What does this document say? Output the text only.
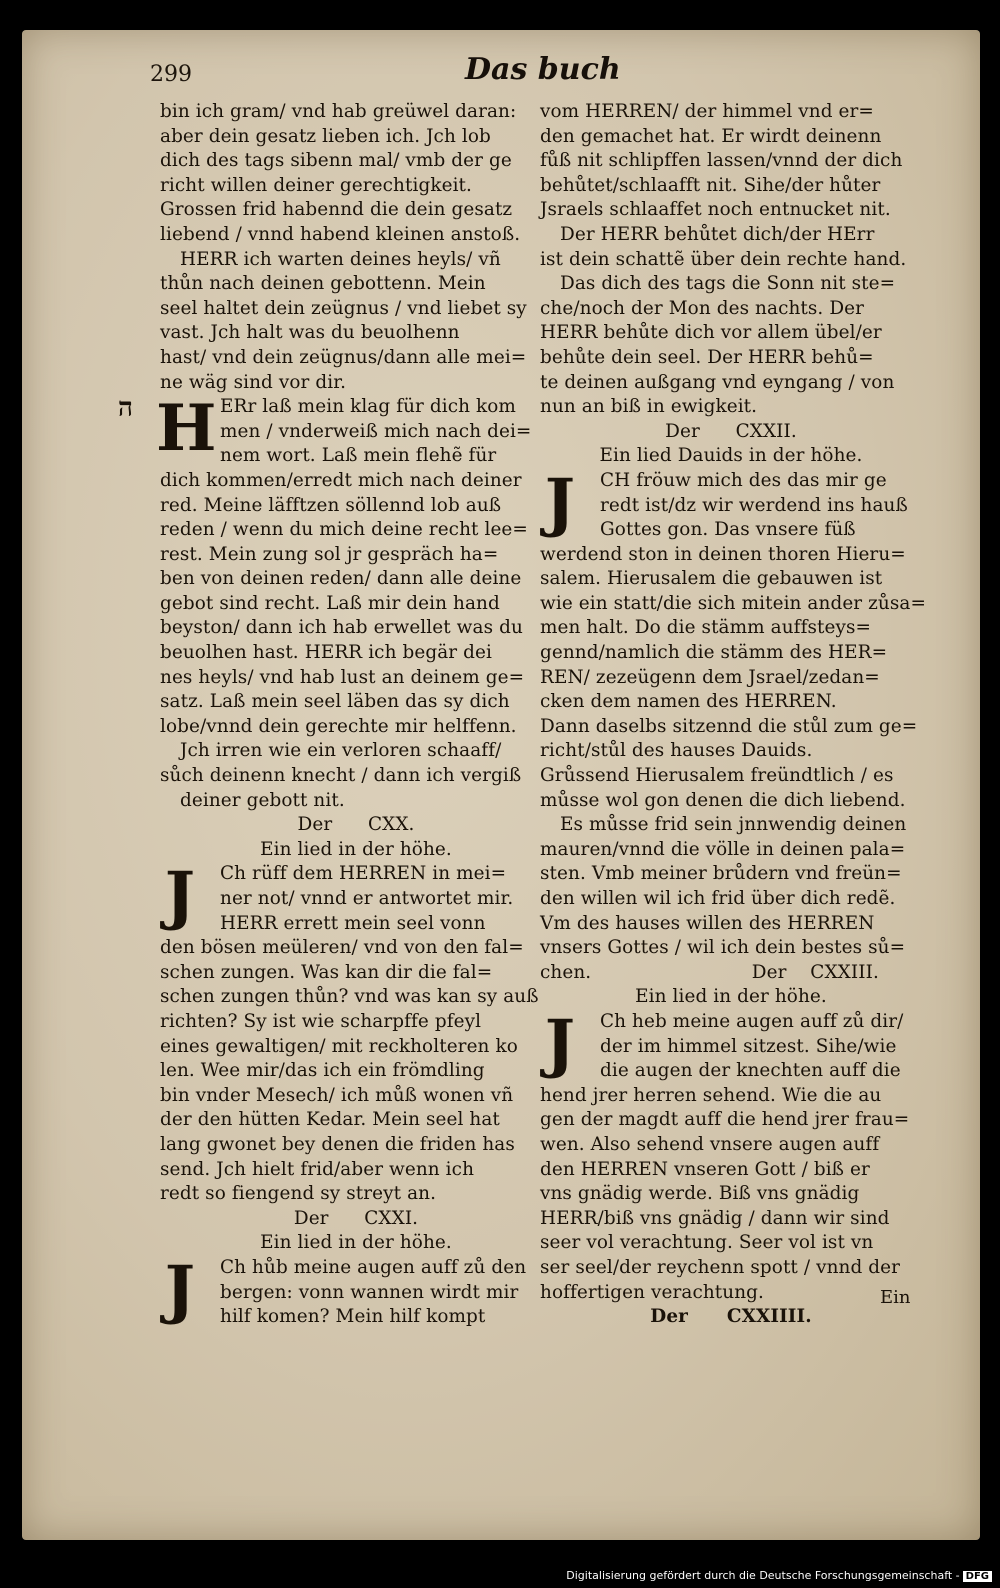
299	Das buch
ה
bin ich gram/ vnd hab greüwel daran:
aber dein gesatz lieben ich. Jch lob
dich des tags sibenn mal/ vmb der ge
richt willen deiner gerechtigkeit.
Grossen frid habennd die dein gesatz
liebend / vnnd habend kleinen anstoß.
HERR ich warten deines heyls/ vñ
thůn nach deinen gebottenn. Mein
seel haltet dein zeügnus / vnd liebet sy
vast. Jch halt was du beuolhenn
hast/ vnd dein zeügnus/dann alle mei=
ne wäg sind vor dir.
H ERr laß mein klag für dich kom
men / vnderweiß mich nach dei=
nem wort. Laß mein flehẽ für
dich kommen/erredt mich nach deiner
red. Meine läfftzen söllennd lob auß
reden / wenn du mich deine recht lee=
rest. Mein zung sol jr gespräch ha=
ben von deinen reden/ dann alle deine
gebot sind recht. Laß mir dein hand
beyston/ dann ich hab erwellet was du
beuolhen hast. HERR ich begär dei
nes heyls/ vnd hab lust an deinem ge=
satz. Laß mein seel läben das sy dich
lobe/vnnd dein gerechte mir helffenn.
Jch irren wie ein verloren schaaff/
sůch deinenn knecht / dann ich vergiß
deiner gebott nit.
Der CXX.
Ein lied in der höhe.
J	Ch rüff dem HERREN in mei=
ner not/ vnnd er antwortet mir.
HERR errett mein seel vonn
den bösen meüleren/ vnd von den fal=
schen zungen. Was kan dir die fal=
schen zungen thůn? vnd was kan sy auß
richten? Sy ist wie scharpffe pfeyl
eines gewaltigen/ mit reckholteren ko
len. Wee mir/das ich ein frömdling
bin vnder Mesech/ ich můß wonen vñ
der den hütten Kedar. Mein seel hat
lang gwonet bey denen die friden has
send. Jch hielt frid/aber wenn ich
redt so fiengend sy streyt an.
Der CXXI.
Ein lied in der höhe.
J	Ch hůb meine augen auff zů den
bergen: vonn wannen wirdt mir
hilf komen? Mein hilf kompt
vom HERREN/ der himmel vnd er=
den gemachet hat. Er wirdt deinenn
fůß nit schlipffen lassen/vnnd der dich
behůtet/schlaafft nit. Sihe/der hůter
Jsraels schlaaffet noch entnucket nit.
Der HERR behůtet dich/der HErr
ist dein schattẽ über dein rechte hand.
Das dich des tags die Sonn nit ste=
che/noch der Mon des nachts. Der
HERR behůte dich vor allem übel/er
behůte dein seel. Der HERR behů=
te deinen außgang vnd eyngang / von
nun an biß in ewigkeit.
Der CXXII.
Ein lied Dauids in der höhe.
J	CH fröuw mich des das mir ge
redt ist/dz wir werdend ins hauß
Gottes gon. Das vnsere füß
werdend ston in deinen thoren Hieru=
salem. Hierusalem die gebauwen ist
wie ein statt/die sich mitein ander zůsa=
men halt. Do die stämm auffsteys=
gennd/namlich die stämm des HER=
REN/ zezeügenn dem Jsrael/zedan=
cken dem namen des HERREN.
Dann daselbs sitzennd die stůl zum ge=
richt/stůl des hauses Dauids.
Grůssend Hierusalem freündtlich / es
můsse wol gon denen die dich liebend.
Es můsse frid sein jnnwendig deinen
mauren/vnnd die völle in deinen pala=
sten. Vmb meiner brůdern vnd freün=
den willen wil ich frid über dich redẽ.
Vm des hauses willen des HERREN
vnsers Gottes / wil ich dein bestes sů=
chen.	Der CXXIII.
Ein lied in der höhe.
J	Ch heb meine augen auff zů dir/
der im himmel sitzest. Sihe/wie
die augen der knechten auff die
hend jrer herren sehend. Wie die au
gen der magdt auff die hend jrer frau=
wen. Also sehend vnsere augen auff
den HERREN vnseren Gott / biß er
vns gnädig werde. Biß vns gnädig
HERR/biß vns gnädig / dann wir sind
seer vol verachtung. Seer vol ist vn
ser seel/der reychenn spott / vnnd der
hoffertigen verachtung.
Der CXXIIII.
Ein
Digitalisierung gefördert durch die Deutsche Forschungsgemeinschaft - DFG
